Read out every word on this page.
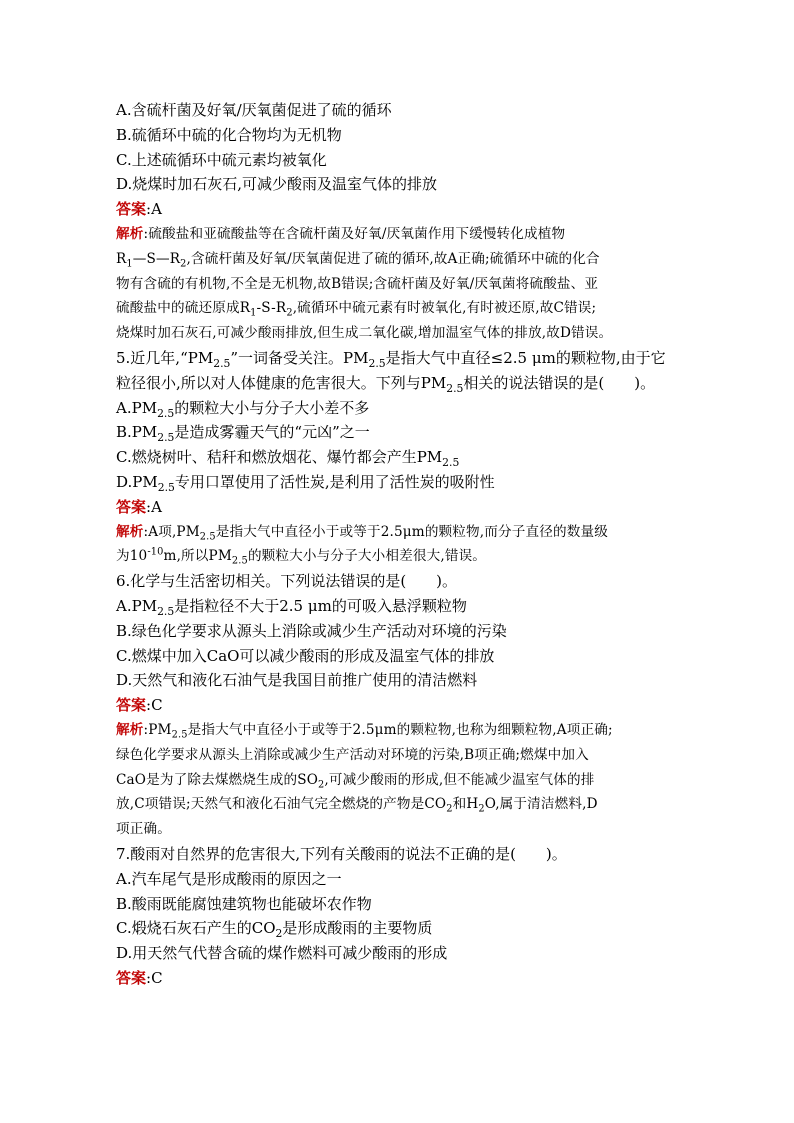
A.含硫杆菌及好氧/厌氧菌促进了硫的循环
B.硫循环中硫的化合物均为无机物
C.上述硫循环中硫元素均被氧化
D.烧煤时加石灰石,可减少酸雨及温室气体的排放
答案:A
解析:硫酸盐和亚硫酸盐等在含硫杆菌及好氧/厌氧菌作用下缓慢转化成植物
$R_1—S—R_2$,含硫杆菌及好氧/厌氧菌促进了硫的循环,故A正确;硫循环中硫的化合
物有含硫的有机物,不全是无机物,故B错误;含硫杆菌及好氧/厌氧菌将硫酸盐、亚
硫酸盐中的硫还原成$R_1-S-R_2$,硫循环中硫元素有时被氧化,有时被还原,故C错误;
烧煤时加石灰石,可减少酸雨排放,但生成二氧化碳,增加温室气体的排放,故D错误。
5.近几年$,“PM_{2.5}$”一词备受关注。$PM_{2.5}$是指大气中直径≤2.5 μm的颗粒物,由于它
粒径很小,所以对人体健康的危害很大。下列与$PM_{2.5}$相关的说法错误的是(　　)。
$A.PM_{2.5}$的颗粒大小与分子大小差不多
$B.PM_{2.5}$是造成雾霾天气的“元凶”之一
C.燃烧树叶、秸秆和燃放烟花、爆竹都会产生$PM_{2.5}$
$D.PM_{2.5}$专用口罩使用了活性炭,是利用了活性炭的吸附性
答案:A
解析:A项$,PM_{2.5}$是指大气中直径小于或等于2.5μm的颗粒物,而分子直径的数量级
为$10^{-10}m$,所以$PM_{2.5}$的颗粒大小与分子大小相差很大,错误。
6.化学与生活密切相关。下列说法错误的是(　　)。
$A.PM_{2.5}$是指粒径不大于2.5 μm的可吸入悬浮颗粒物
B.绿色化学要求从源头上消除或减少生产活动对环境的污染
C.燃煤中加入CaO可以减少酸雨的形成及温室气体的排放
D.天然气和液化石油气是我国目前推广使用的清洁燃料
答案:C
解析$:PM_{2.5}$是指大气中直径小于或等于2.5μm的颗粒物,也称为细颗粒物,A项正确;
绿色化学要求从源头上消除或减少生产活动对环境的污染,B项正确;燃煤中加入
CaO是为了除去煤燃烧生成的$SO_2$,可减少酸雨的形成,但不能减少温室气体的排
放,C项错误;天然气和液化石油气完全燃烧的产物是$CO_2$和$H_2O$,属于清洁燃料,D
项正确。
7.酸雨对自然界的危害很大,下列有关酸雨的说法不正确的是(　　)。
A.汽车尾气是形成酸雨的原因之一
B.酸雨既能腐蚀建筑物也能破坏农作物
C.煅烧石灰石产生的$CO_2$是形成酸雨的主要物质
D.用天然气代替含硫的煤作燃料可减少酸雨的形成
答案:C
